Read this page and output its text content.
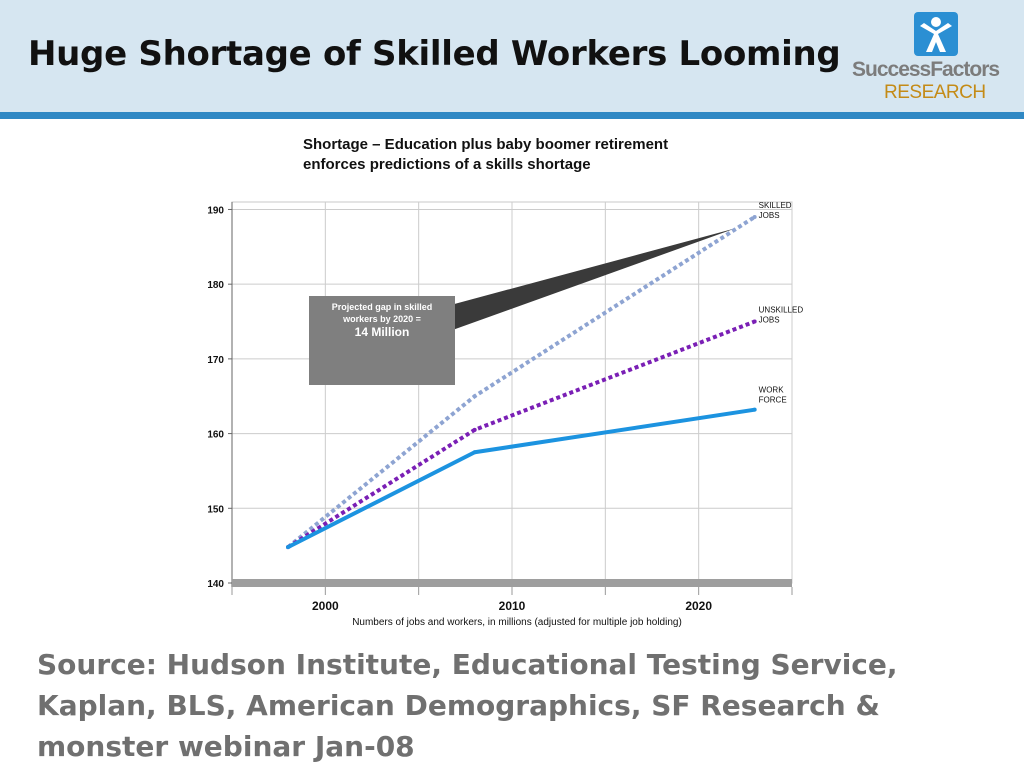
Huge Shortage of Skilled Workers Looming SuccessFactors
RESEARCH

Shortage – Education plus baby boomer retirement
enforces predictions of a skills shortage

140
150
160
170
180
190
2000	2010	2020
Numbers of jobs and workers, in millions (adjusted for multiple job holding)
Projected gap in skilled
workers by 2020 =
14 Million
SKILLED
JOBS
UNSKILLED
JOBS
WORK
FORCE

Source: Hudson Institute, Educational Testing Service, Kaplan, BLS, American Demographics, SF Research & monster webinar Jan-08
